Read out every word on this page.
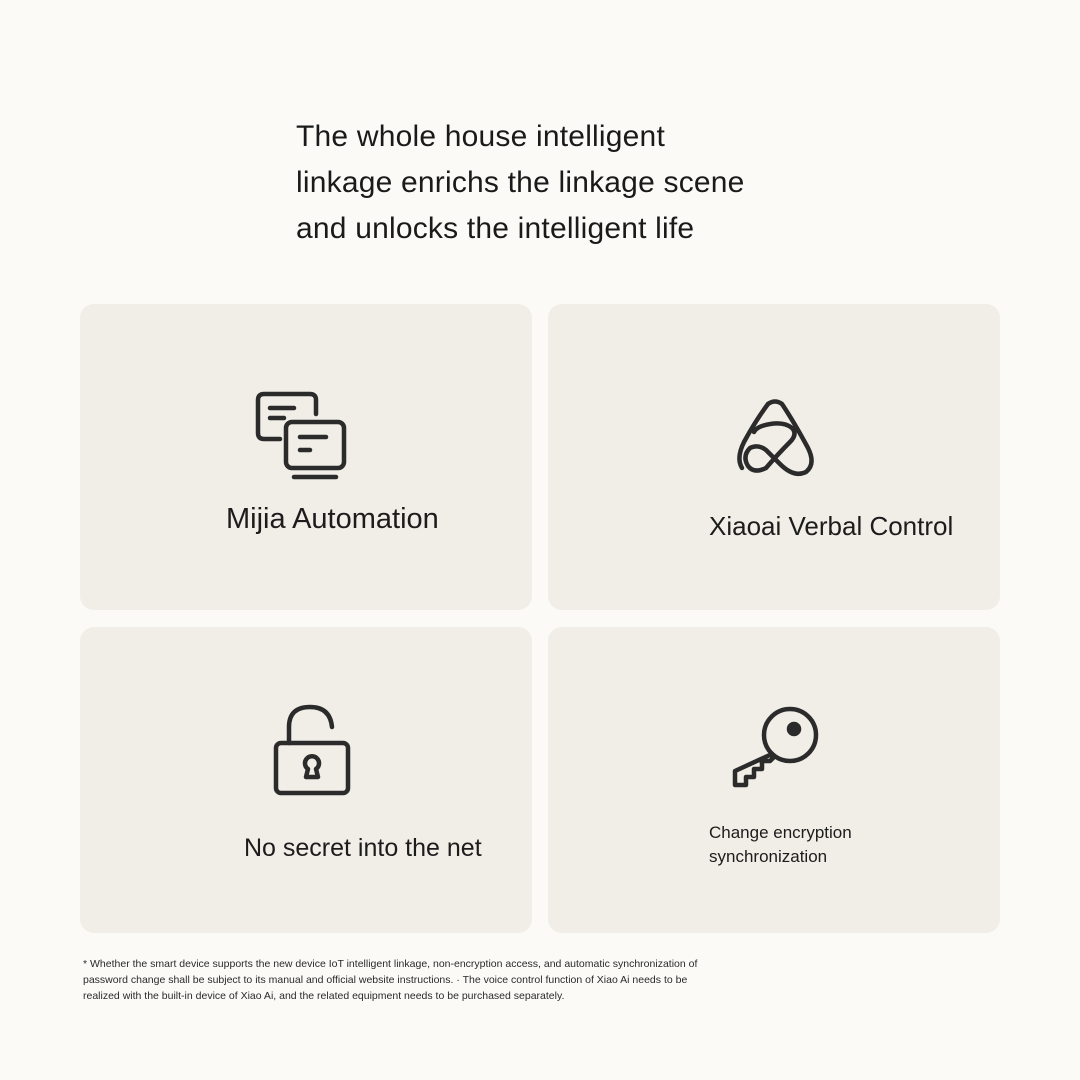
The whole house intelligent
linkage enrichs the linkage scene
and unlocks the intelligent life
Mijia Automation	Xiaoai Verbal Control
No secret into the net
Change encryption
synchronization
* Whether the smart device supports the new device IoT intelligent linkage, non-encryption access, and automatic synchronization of
password change shall be subject to its manual and official website instructions. · The voice control function of Xiao Ai needs to be
realized with the built-in device of Xiao Ai, and the related equipment needs to be purchased separately.
